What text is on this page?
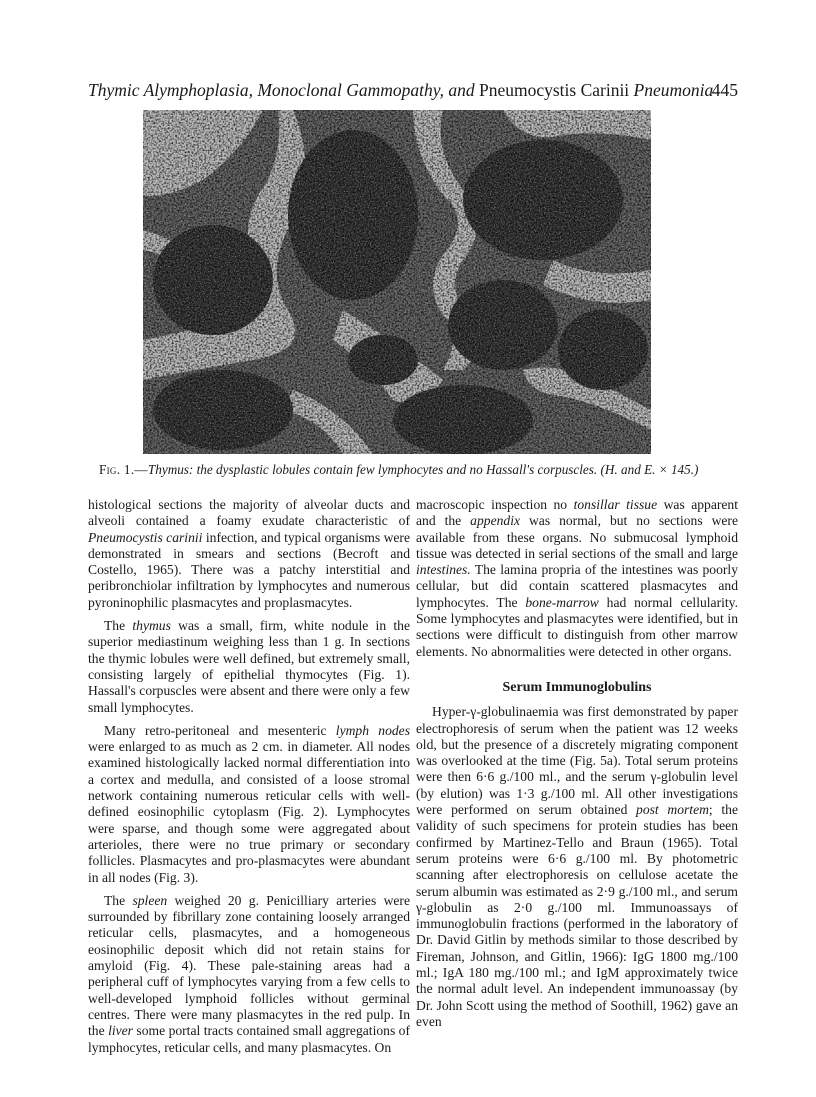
Thymic Alymphoplasia, Monoclonal Gammopathy, and Pneumocystis Carinii Pneumonia
445
Fig. 1.—Thymus: the dysplastic lobules contain few lymphocytes and no Hassall's corpuscles. (H. and E. × 145.)

histological sections the majority of alveolar ducts and alveoli contained a foamy exudate characteristic of Pneumocystis carinii infection, and typical organisms were demonstrated in smears and sections (Becroft and Costello, 1965). There was a patchy interstitial and peribronchiolar infiltration by lymphocytes and numerous pyroninophilic plasmacytes and proplasmacytes.

The thymus was a small, firm, white nodule in the superior mediastinum weighing less than 1 g. In sections the thymic lobules were well defined, but extremely small, consisting largely of epithelial thymocytes (Fig. 1). Hassall's corpuscles were absent and there were only a few small lymphocytes.

Many retro-peritoneal and mesenteric lymph nodes were enlarged to as much as 2 cm. in diameter. All nodes examined histologically lacked normal differentiation into a cortex and medulla, and consisted of a loose stromal network containing numerous reticular cells with well-defined eosinophilic cytoplasm (Fig. 2). Lymphocytes were sparse, and though some were aggregated about arterioles, there were no true primary or secondary follicles. Plasmacytes and pro-plasmacytes were abundant in all nodes (Fig. 3).

The spleen weighed 20 g. Penicilliary arteries were surrounded by fibrillary zone containing loosely arranged reticular cells, plasmacytes, and a homogeneous eosinophilic deposit which did not retain stains for amyloid (Fig. 4). These pale-staining areas had a peripheral cuff of lymphocytes varying from a few cells to well-developed lymphoid follicles without germinal centres. There were many plasmacytes in the red pulp. In the liver some portal tracts contained small aggregations of lymphocytes, reticular cells, and many plasmacytes. On

macroscopic inspection no tonsillar tissue was apparent and the appendix was normal, but no sections were available from these organs. No submucosal lymphoid tissue was detected in serial sections of the small and large intestines. The lamina propria of the intestines was poorly cellular, but did contain scattered plasmacytes and lymphocytes. The bone-marrow had normal cellularity. Some lymphocytes and plasmacytes were identified, but in sections were difficult to distinguish from other marrow elements. No abnormalities were detected in other organs.

Serum Immunoglobulins

Hyper-γ-globulinaemia was first demonstrated by paper electrophoresis of serum when the patient was 12 weeks old, but the presence of a discretely migrating component was overlooked at the time (Fig. 5a). Total serum proteins were then 6·6 g./100 ml., and the serum γ-globulin level (by elution) was 1·3 g./100 ml. All other investigations were performed on serum obtained post mortem; the validity of such specimens for protein studies has been confirmed by Martinez-Tello and Braun (1965). Total serum proteins were 6·6 g./100 ml. By photometric scanning after electrophoresis on cellulose acetate the serum albumin was estimated as 2·9 g./100 ml., and serum γ-globulin as 2·0 g./100 ml. Immunoassays of immunoglobulin fractions (performed in the laboratory of Dr. David Gitlin by methods similar to those described by Fireman, Johnson, and Gitlin, 1966): IgG 1800 mg./100 ml.; IgA 180 mg./100 ml.; and IgM approximately twice the normal adult level. An independent immunoassay (by Dr. John Scott using the method of Soothill, 1962) gave an even
